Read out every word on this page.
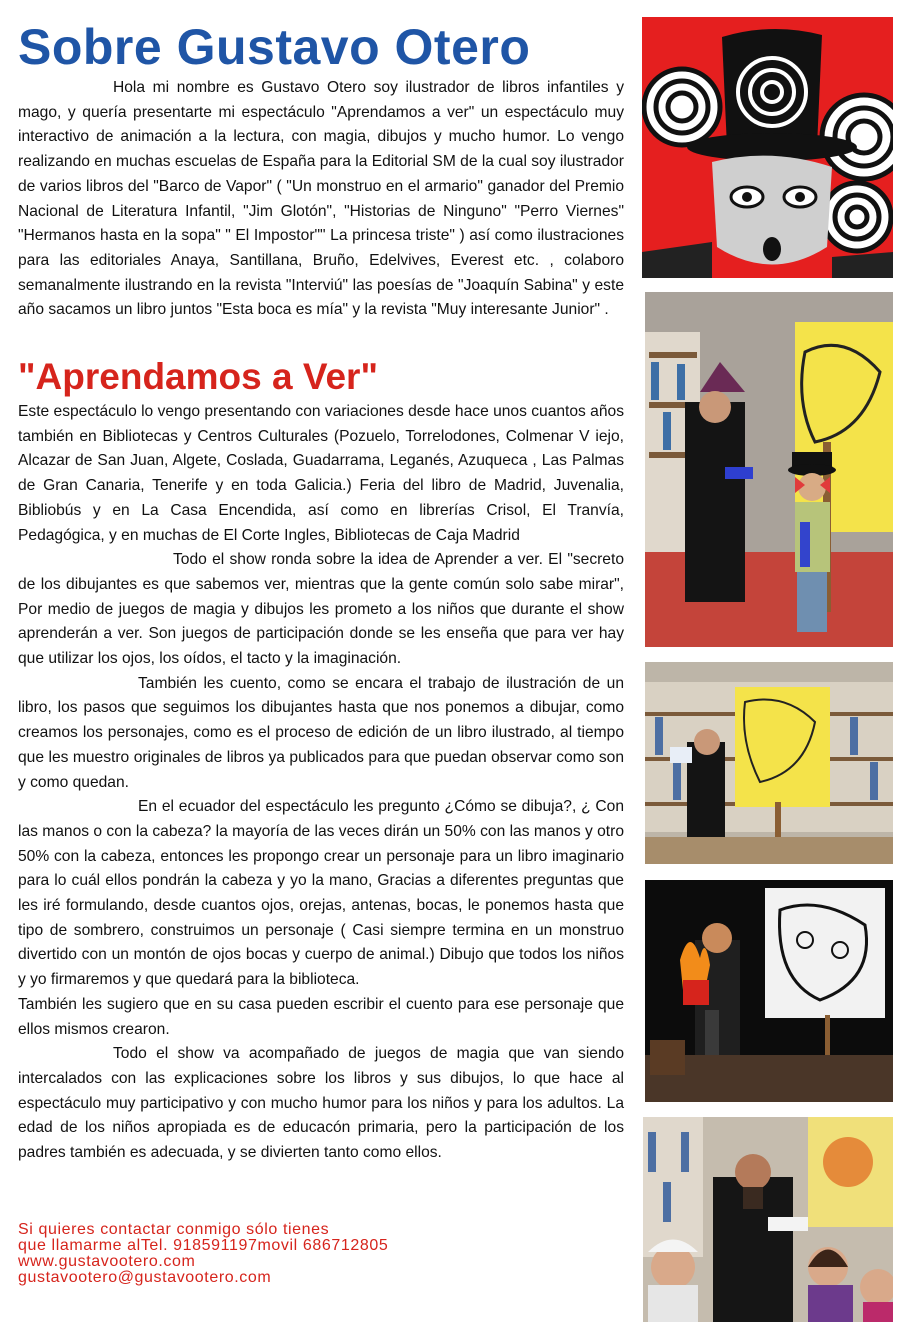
Sobre Gustavo Otero

Hola mi nombre es Gustavo Otero soy ilustrador de libros infantiles y mago, y quería presentarte mi espectáculo "Aprendamos a ver" un espectáculo muy interactivo de animación a la lectura, con magia, dibujos y mucho humor. Lo vengo realizando en muchas escuelas de España para la Editorial SM de la cual soy ilustrador de varios libros del "Barco de Vapor" ( "Un monstruo en el armario" ganador del Premio Nacional de Literatura Infantil, "Jim Glotón", "Historias de Ninguno" "Perro Viernes" "Hermanos hasta en la sopa" " El Impostor"" La princesa triste" ) así como ilustraciones para las editoriales Anaya, Santillana, Bruño, Edelvives, Everest etc. , colaboro semanalmente ilustrando en la revista "Interviú" las poesías de "Joaquín Sabina" y este año sacamos un libro juntos "Esta boca es mía" y la revista "Muy interesante Junior" .

"Aprendamos a Ver"

Este espectáculo lo vengo presentando con variaciones desde hace unos cuantos años también en Bibliotecas y Centros Culturales (Pozuelo, Torrelodones, Colmenar V iejo, Alcazar de San Juan, Algete, Coslada, Guadarrama, Leganés, Azuqueca , Las Palmas de Gran Canaria, Tenerife y en toda Galicia.) Feria del libro de Madrid, Juvenalia, Bibliobús y en La Casa Encendida, así como en librerías Crisol, El Tranvía, Pedagógica, y en muchas de El Corte Ingles, Bibliotecas de Caja Madrid

Todo el show ronda sobre la idea de Aprender a ver. El "secreto de los dibujantes es que sabemos ver, mientras que la gente común solo sabe mirar", Por medio de juegos de magia y dibujos les prometo a los niños que durante el show aprenderán a ver. Son juegos de participación donde se les enseña que para ver hay que utilizar los ojos, los oídos, el tacto y la imaginación.

También les cuento, como se encara el trabajo de ilustración de un libro, los pasos que seguimos los dibujantes hasta que nos ponemos a dibujar, como creamos los personajes, como es el proceso de edición de un libro ilustrado, al tiempo que les muestro originales de libros ya publicados para que puedan observar como son y como quedan.

En el ecuador del espectáculo les pregunto ¿Cómo se dibuja?, ¿ Con las manos o con la cabeza? la mayoría de las veces dirán un 50% con las manos y otro 50% con la cabeza, entonces les propongo crear un personaje para un libro imaginario para lo cuál ellos pondrán la cabeza y yo la mano, Gracias a diferentes preguntas que les iré formulando, desde cuantos ojos, orejas, antenas, bocas, le ponemos hasta que tipo de sombrero, construimos un personaje ( Casi siempre termina en un monstruo divertido con un montón de ojos bocas y cuerpo de animal.) Dibujo que todos los niños y yo firmaremos y que quedará para la biblioteca.

También les sugiero que en su casa pueden escribir el cuento para ese personaje que ellos mismos crearon.

Todo el show va acompañado de juegos de magia que van siendo intercalados con las explicaciones sobre los libros y sus dibujos, lo que hace al espectáculo muy participativo y con mucho humor para los niños y para los adultos. La edad de los niños apropiada es de educacón primaria, pero la participación de los padres también es adecuada, y se divierten tanto como ellos.

Si quieres contactar conmigo sólo tienes
que llamarme alTel. 918591197movil 686712805
www.gustavootero.com
gustavootero@gustavootero.com
